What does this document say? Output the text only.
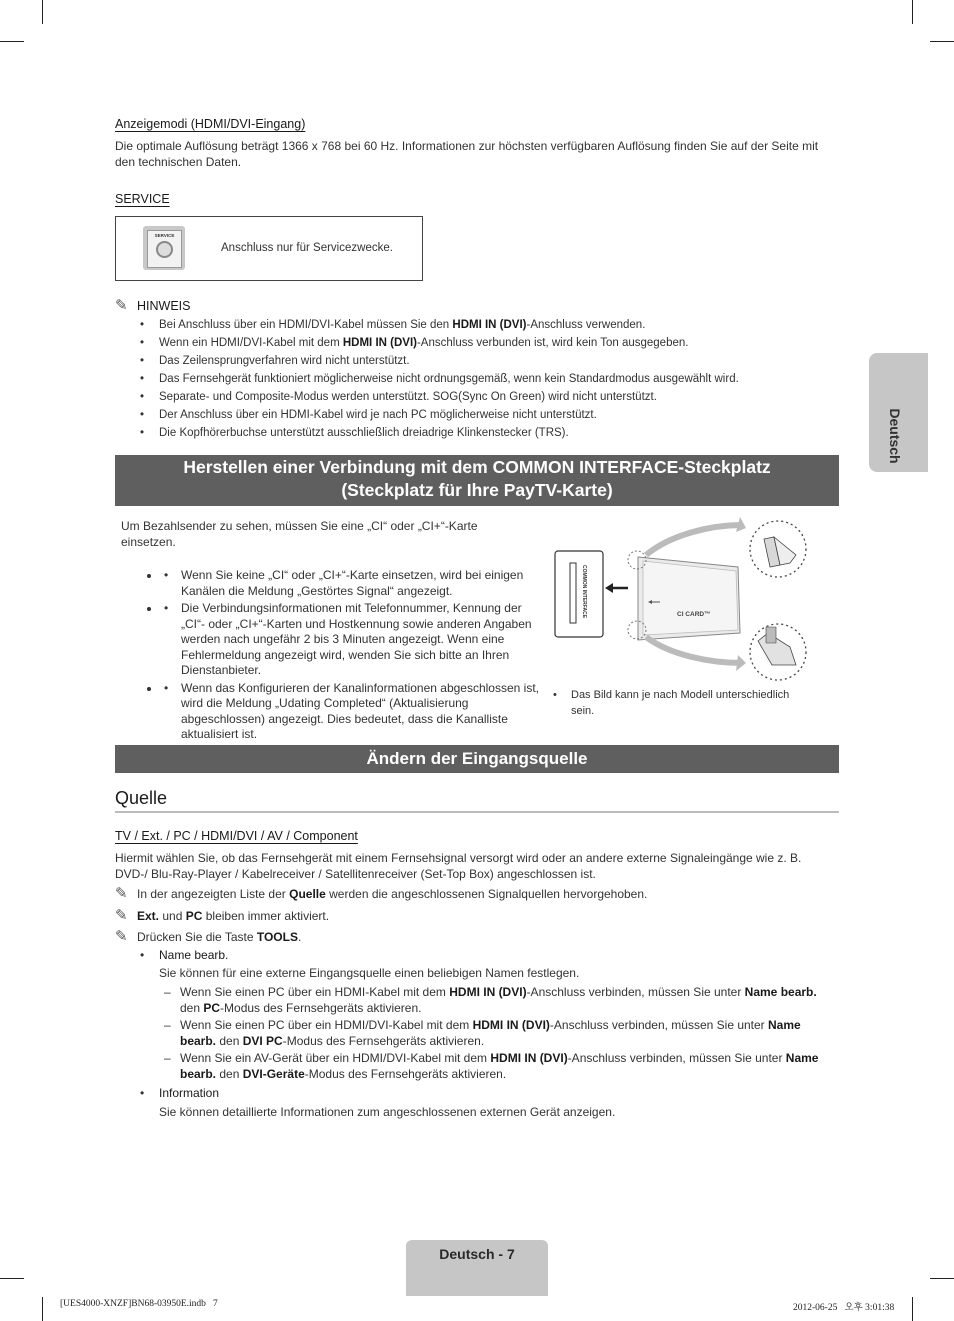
Anzeigemodi (HDMI/DVI-Eingang)
Die optimale Auflösung beträgt 1366 x 768 bei 60 Hz. Informationen zur höchsten verfügbaren Auflösung finden Sie auf der Seite mit den technischen Daten.
SERVICE
SERVICE
Anschluss nur für Servicezwecke.
✎ HINWEIS
• Bei Anschluss über ein HDMI/DVI-Kabel müssen Sie den HDMI IN (DVI)-Anschluss verwenden.
• Wenn ein HDMI/DVI-Kabel mit dem HDMI IN (DVI)-Anschluss verbunden ist, wird kein Ton ausgegeben.
• Das Zeilensprungverfahren wird nicht unterstützt.
• Das Fernsehgerät funktioniert möglicherweise nicht ordnungsgemäß, wenn kein Standardmodus ausgewählt wird.
• Separate- und Composite-Modus werden unterstützt. SOG(Sync On Green) wird nicht unterstützt.
• Der Anschluss über ein HDMI-Kabel wird je nach PC möglicherweise nicht unterstützt.
• Die Kopfhörerbuchse unterstützt ausschließlich dreiadrige Klinkenstecker (TRS).
Herstellen einer Verbindung mit dem COMMON INTERFACE-Steckplatz
(Steckplatz für Ihre PayTV-Karte)
Um Bezahlsender zu sehen, müssen Sie eine „CI“ oder „CI+“-Karte einsetzen.
• • Wenn Sie keine „CI“ oder „CI+“-Karte einsetzen, wird bei einigen Kanälen die Meldung „Gestörtes Signal“ angezeigt.
• • Die Verbindungsinformationen mit Telefonnummer, Kennung der „CI“- oder „CI+“-Karten und Hostkennung sowie anderen Angaben werden nach ungefähr 2 bis 3 Minuten angezeigt. Wenn eine Fehlermeldung angezeigt wird, wenden Sie sich bitte an Ihren Dienstanbieter.
• • Wenn das Konfigurieren der Kanalinformationen abgeschlossen ist, wird die Meldung „Udating Completed“ (Aktualisierung abgeschlossen) angezeigt. Dies bedeutet, dass die Kanalliste aktualisiert ist.
COMMON INTERFACE	CI CARD™
•	Das Bild kann je nach Modell unterschiedlich sein.
Ändern der Eingangsquelle
Quelle
TV / Ext. / PC / HDMI/DVI / AV / Component
Hiermit wählen Sie, ob das Fernsehgerät mit einem Fernsehsignal versorgt wird oder an andere externe Signaleingänge wie z. B. DVD-/ Blu-Ray-Player / Kabelreceiver / Satellitenreceiver (Set-Top Box) angeschlossen ist.
✎ In der angezeigten Liste der Quelle werden die angeschlossenen Signalquellen hervorgehoben.
✎ Ext. und PC bleiben immer aktiviert.
✎ Drücken Sie die Taste TOOLS.
• Name bearb.
Sie können für eine externe Eingangsquelle einen beliebigen Namen festlegen.
– Wenn Sie einen PC über ein HDMI-Kabel mit dem HDMI IN (DVI)-Anschluss verbinden, müssen Sie unter Name bearb. den PC-Modus des Fernsehgeräts aktivieren.
– Wenn Sie einen PC über ein HDMI/DVI-Kabel mit dem HDMI IN (DVI)-Anschluss verbinden, müssen Sie unter Name bearb. den DVI PC-Modus des Fernsehgeräts aktivieren.
– Wenn Sie ein AV-Gerät über ein HDMI/DVI-Kabel mit dem HDMI IN (DVI)-Anschluss verbinden, müssen Sie unter Name bearb. den DVI-Geräte-Modus des Fernsehgeräts aktivieren.
• Information
Sie können detaillierte Informationen zum angeschlossenen externen Gerät anzeigen.
Deutsch
Deutsch - 7
[UES4000-XNZF]BN68-03950E.indb   7	2012-06-25   오후 3:01:38
